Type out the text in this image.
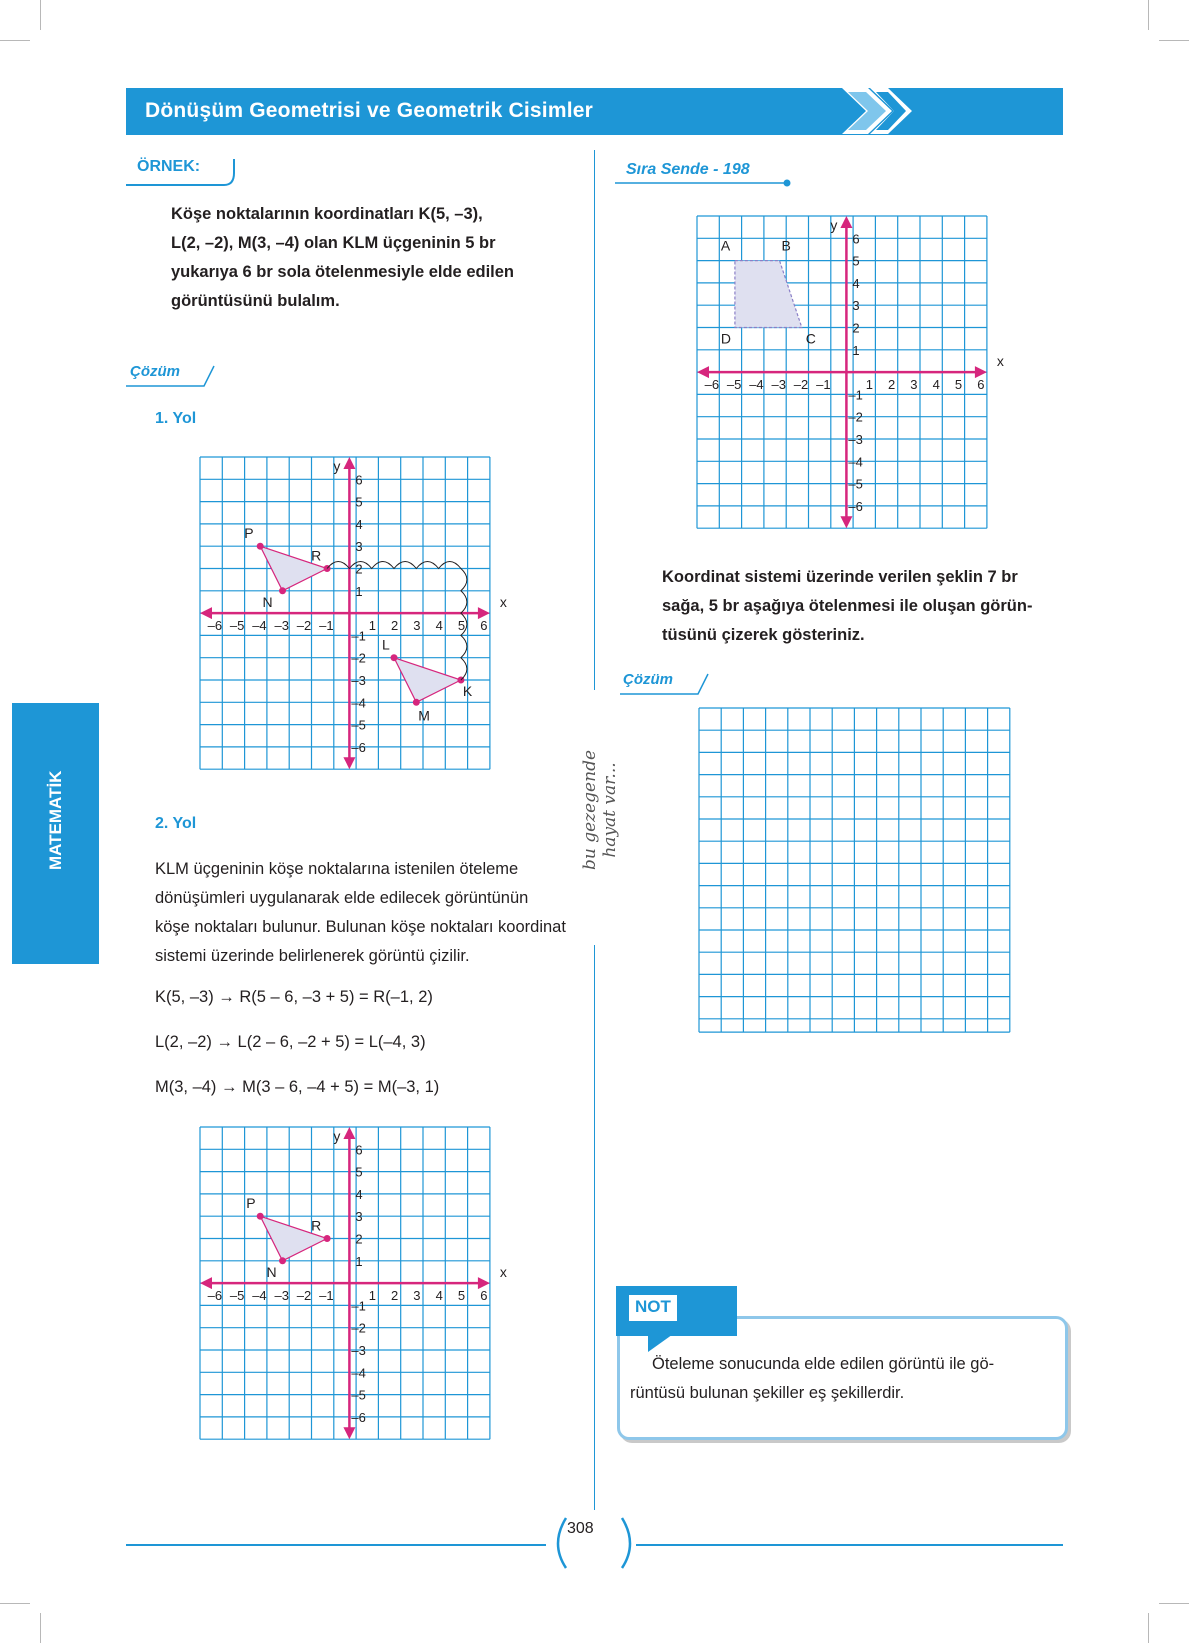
Dönüşüm Geometrisi ve Geometrik Cisimler
MATEMATİK	bu gezegende hayat var...
ÖRNEK:
Köşe noktalarının koordinatları K(5, –3),
L(2, –2), M(3, –4) olan KLM üçgeninin 5 br
yukarıya 6 br sola ötelenmesiyle elde edilen
görüntüsünü bulalım.
Çözüm
1. Yol
–6 –5 –4 –3 –2 –1	1 2 3 4 5 6
1
2
3
4
5
6
–1
–2
–3
–4
–5
–6
x
y
P
R
N
L
K
M
2. Yol
KLM üçgeninin köşe noktalarına istenilen öteleme
dönüşümleri uygulanarak elde edilecek görüntünün
köşe noktaları bulunur. Bulunan köşe noktaları koordinat
sistemi üzerinde belirlenerek görüntü çizilir.
K(5, –3) → R(5 – 6, –3 + 5) = R(–1, 2)
L(2, –2) → L(2 – 6, –2 + 5) = L(–4, 3)
M(3, –4) → M(3 – 6, –4 + 5) = M(–3, 1)
–6 –5 –4 –3 –2 –1	1 2 3 4 5 6
1
2
3
4
5
6
–1
–2
–3
–4
–5
–6
x
y
P
R
N
Sıra Sende - 198
–6 –5 –4 –3 –2 –1	1 2 3 4 5 6
1
2
3
4
5
6
–1
–2
–3
–4
–5
–6
x
y
A	B
C
D
Koordinat sistemi üzerinde verilen şeklin 7 br
sağa, 5 br aşağıya ötelenmesi ile oluşan görün-
tüsünü çizerek gösteriniz.
Çözüm
NOT
Öteleme sonucunda elde edilen görüntü ile gö-
rüntüsü bulunan şekiller eş şekillerdir.
308
